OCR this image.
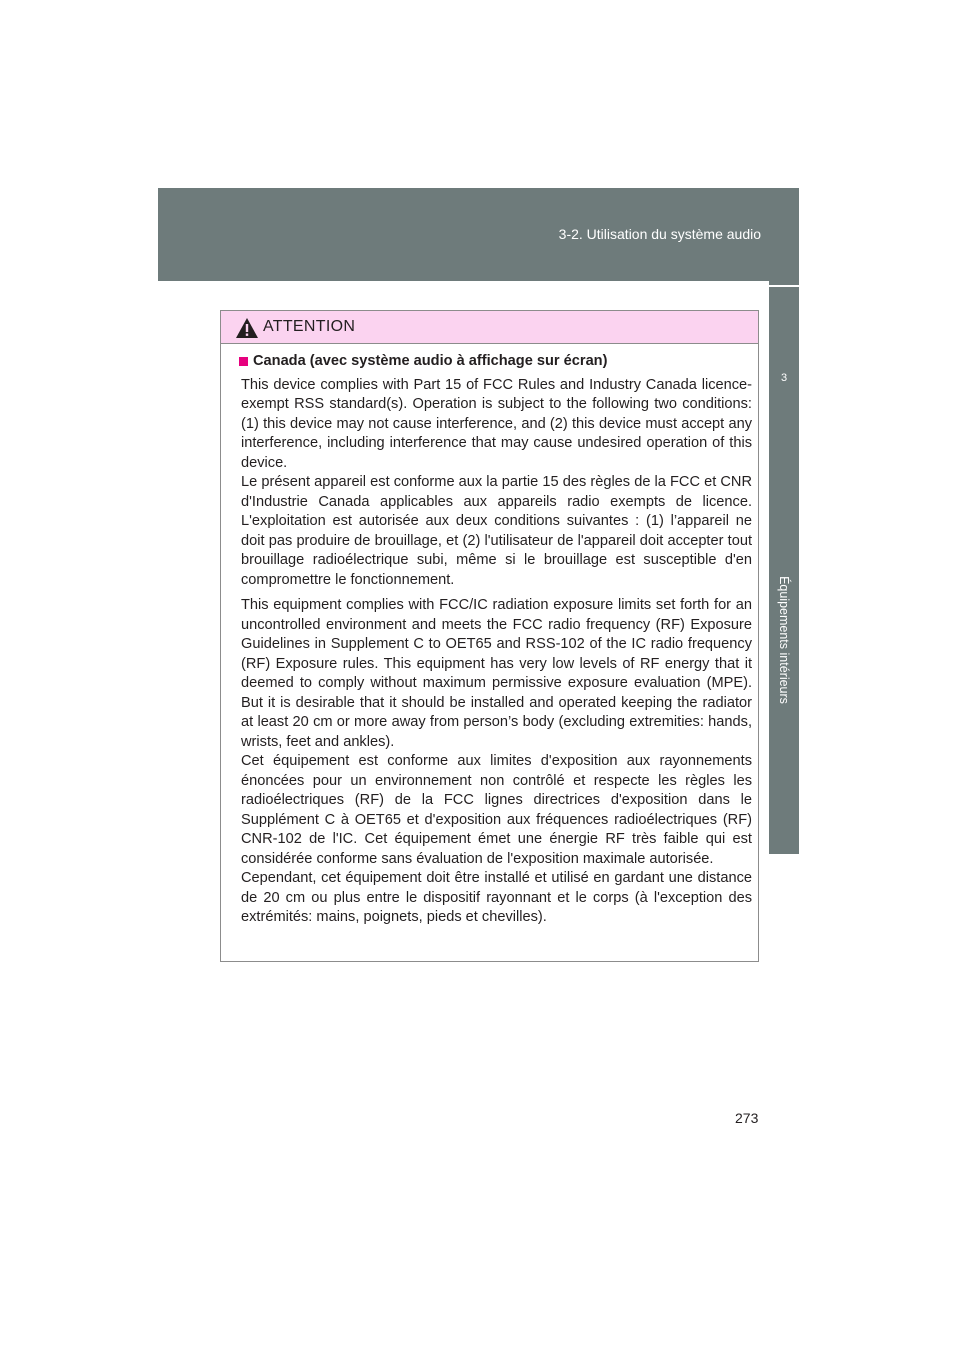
3-2. Utilisation du système audio
3
Équipements intérieurs
ATTENTION

Canada (avec système audio à affichage sur écran)

This device complies with Part 15 of FCC Rules and Industry Canada licence-exempt RSS standard(s). Operation is subject to the following two conditions: (1) this device may not cause interference, and (2) this device must accept any interference, including interference that may cause undesired operation of this device.

Le présent appareil est conforme aux la partie 15 des règles de la FCC et CNR d'Industrie Canada applicables aux appareils radio exempts de licence. L'exploitation est autorisée aux deux conditions suivantes : (1) l’appareil ne doit pas produire de brouillage, et (2) l'utilisateur de l'appareil doit accepter tout brouillage radioélectrique subi, même si le brouillage est susceptible d'en compromettre le fonctionnement.

This equipment complies with FCC/IC radiation exposure limits set forth for an uncontrolled environment and meets the FCC radio frequency (RF) Exposure Guidelines in Supplement C to OET65 and RSS-102 of the IC radio frequency (RF) Exposure rules. This equipment has very low levels of RF energy that it deemed to comply without maximum permissive exposure evaluation (MPE). But it is desirable that it should be installed and operated keeping the radiator at least 20 cm or more away from person’s body (excluding extremities: hands, wrists, feet and ankles).

Cet équipement est conforme aux limites d'exposition aux rayonnements énoncées pour un environnement non contrôlé et respecte les règles les radioélectriques (RF) de la FCC lignes directrices d'exposition dans le Supplément C à OET65 et d'exposition aux fréquences radioélectriques (RF) CNR-102 de l'IC. Cet équipement émet une énergie RF très faible qui est considérée conforme sans évaluation de l'exposition maximale autorisée.

Cependant, cet équipement doit être installé et utilisé en gardant une distance de 20 cm ou plus entre le dispositif rayonnant et le corps (à l'exception des extrémités: mains, poignets, pieds et chevilles).

273
